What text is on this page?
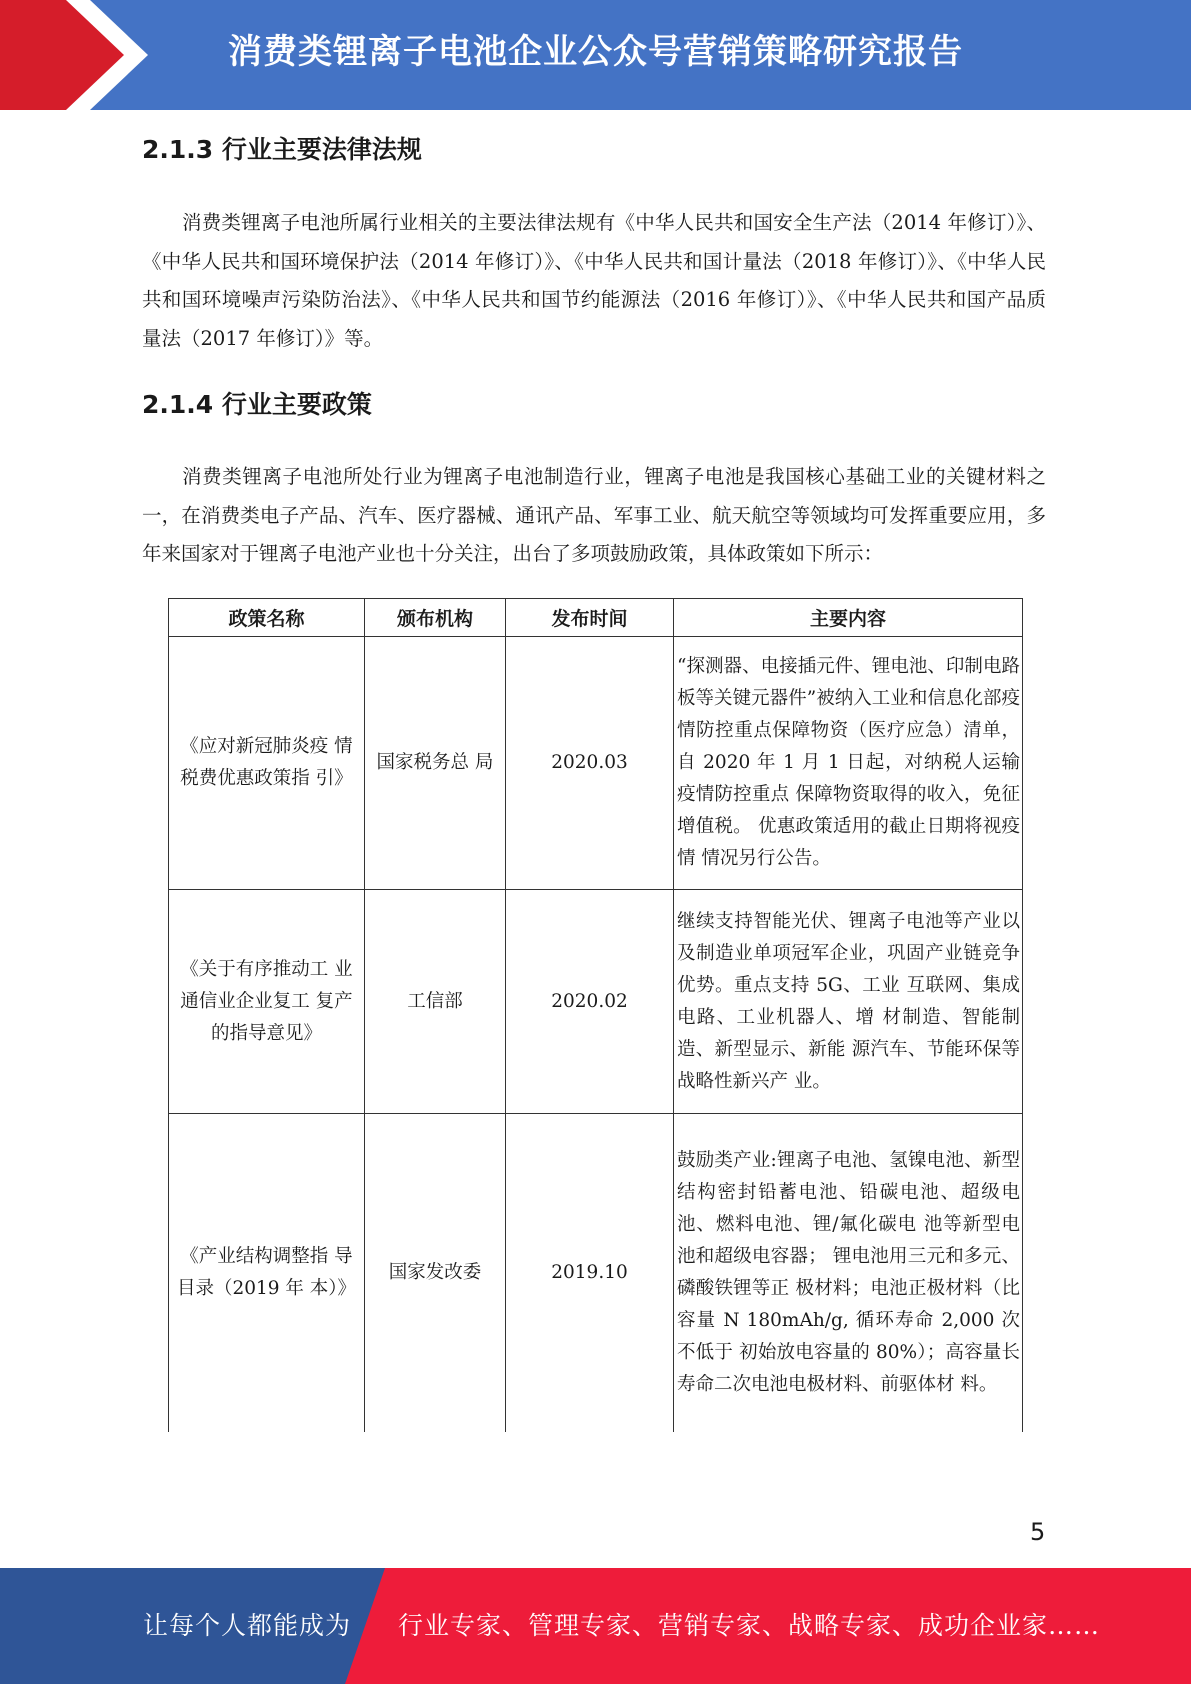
消费类锂离子电池企业公众号营销策略研究报告
2.1.3 行业主要法律法规

消费类锂离子电池所属行业相关的主要法律法规有《中华人民共和国安全生产法（2014 年修订）》、《中华人民共和国环境保护法（2014 年修订）》、《中华人民共和国计量法（2018 年修订）》、《中华人民共和国环境噪声污染防治法》、《中华人民共和国节约能源法（2016 年修订）》、《中华人民共和国产品质量法（2017 年修订）》等。

2.1.4 行业主要政策

消费类锂离子电池所处行业为锂离子电池制造行业，锂离子电池是我国核心基础工业的关键材料之一，在消费类电子产品、汽车、医疗器械、通讯产品、军事工业、航天航空等领域均可发挥重要应用，多年来国家对于锂离子电池产业也十分关注，出台了多项鼓励政策，具体政策如下所示：

政策名称	颁布机构	发布时间	主要内容
《应对新冠肺炎疫 情税费优惠政策指 引》	国家税务总 局	2020.03	“探测器、电接插元件、锂电池、印制电路板等关键元器件”被纳入工业和信息化部疫情防控重点保障物资（医疗应急）清单，自 2020 年 1 月 1 日起，对纳税人运输疫情防控重点 保障物资取得的收入，免征增值税。 优惠政策适用的截止日期将视疫情 情况另行公告。
《关于有序推动工 业通信业企业复工 复产的指导意见》	工信部	2020.02	继续支持智能光伏、锂离子电池等产业以及制造业单项冠军企业，巩固产业链竞争优势。重点支持 5G、工业 互联网、集成电路、工业机器人、增 材制造、智能制造、新型显示、新能 源汽车、节能环保等战略性新兴产 业。
《产业结构调整指 导目录（2019 年 本）》	国家发改委	2019.10	鼓励类产业:锂离子电池、氢镍电池、新型结构密封铅蓄电池、铅碳电池、超级电池、燃料电池、锂/氟化碳电 池等新型电池和超级电容器； 锂电池用三元和多元、磷酸铁锂等正 极材料；电池正极材料（比容量 N 180mAh/g, 循环寿命 2,000 次不低于 初始放电容量的 80%）；高容量长 寿命二次电池电极材料、前驱体材 料。
5
让每个人都能成为 行业专家、管理专家、营销专家、战略专家、成功企业家……
